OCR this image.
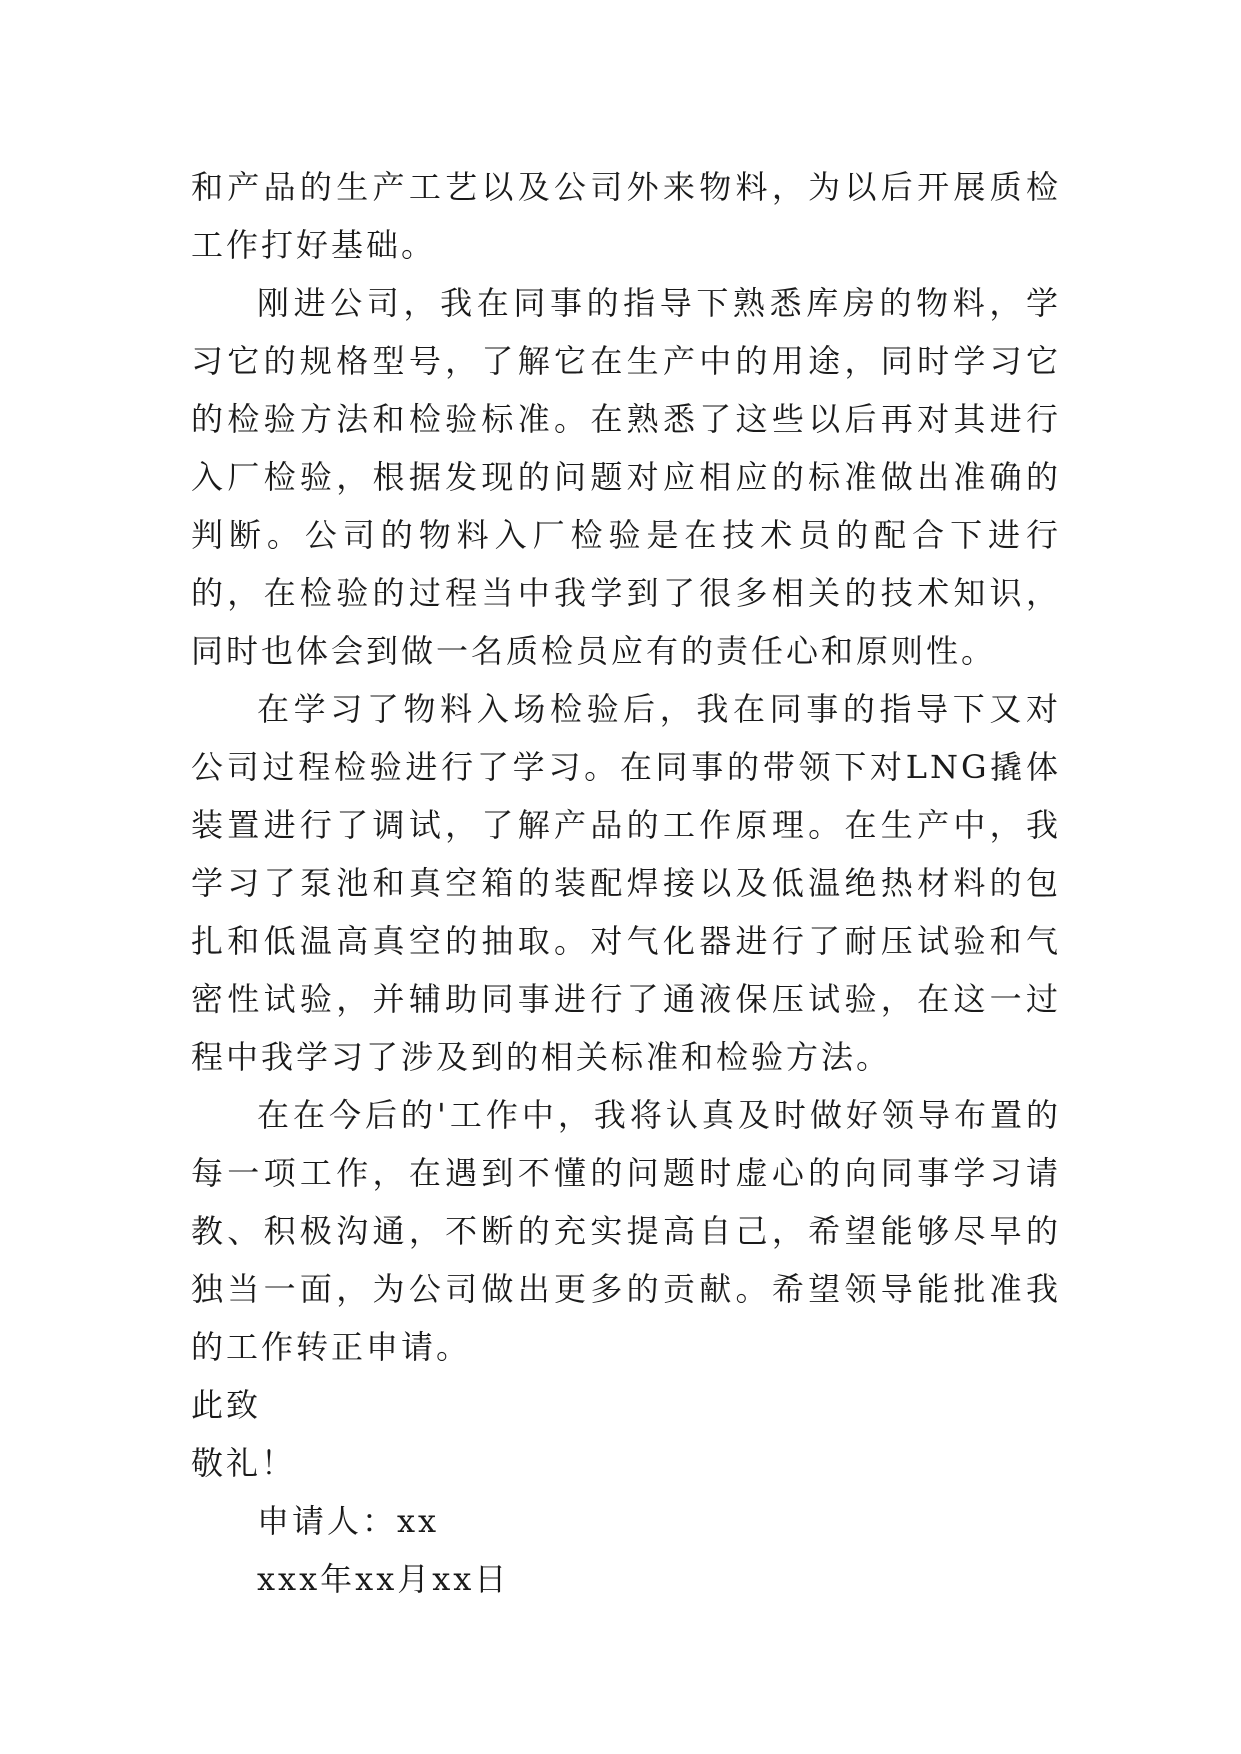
和产品的生产工艺以及公司外来物料，为以后开展质检工作打好基础。

刚进公司，我在同事的指导下熟悉库房的物料，学习它的规格型号，了解它在生产中的用途，同时学习它的检验方法和检验标准。在熟悉了这些以后再对其进行入厂检验，根据发现的问题对应相应的标准做出准确的判断。公司的物料入厂检验是在技术员的配合下进行的，在检验的过程当中我学到了很多相关的技术知识，同时也体会到做一名质检员应有的责任心和原则性。

在学习了物料入场检验后，我在同事的指导下又对公司过程检验进行了学习。在同事的带领下对LNG撬体装置进行了调试，了解产品的工作原理。在生产中，我学习了泵池和真空箱的装配焊接以及低温绝热材料的包扎和低温高真空的抽取。对气化器进行了耐压试验和气密性试验，并辅助同事进行了通液保压试验，在这一过程中我学习了涉及到的相关标准和检验方法。

在在今后的'工作中，我将认真及时做好领导布置的每一项工作，在遇到不懂的问题时虚心的向同事学习请教、积极沟通，不断的充实提高自己，希望能够尽早的独当一面，为公司做出更多的贡献。希望领导能批准我的工作转正申请。

此致

敬礼！

申请人：xx

xxx年xx月xx日
